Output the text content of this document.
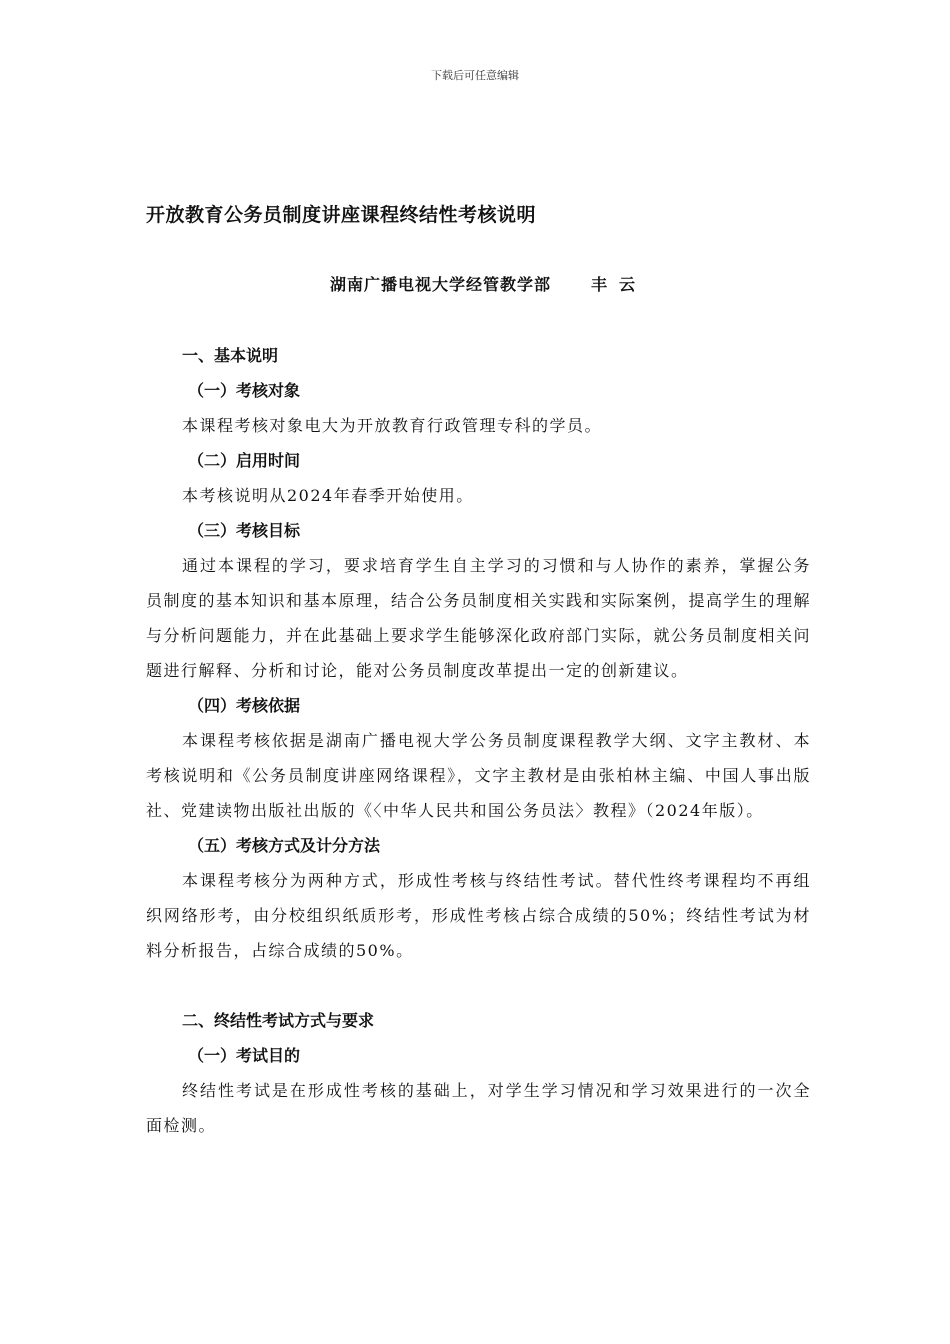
下载后可任意编辑
开放教育公务员制度讲座课程终结性考核说明
湖南广播电视大学经管教学部	丰云

一、基本说明

（一）考核对象

本课程考核对象电大为开放教育行政管理专科的学员。

（二）启用时间

本考核说明从2024年春季开始使用。

（三）考核目标

通过本课程的学习，要求培育学生自主学习的习惯和与人协作的素养，掌握公务员制度的基本知识和基本原理，结合公务员制度相关实践和实际案例，提高学生的理解与分析问题能力，并在此基础上要求学生能够深化政府部门实际，就公务员制度相关问题进行解释、分析和讨论，能对公务员制度改革提出一定的创新建议。

（四）考核依据

本课程考核依据是湖南广播电视大学公务员制度课程教学大纲、文字主教材、本考核说明和《公务员制度讲座网络课程》，文字主教材是由张柏林主编、中国人事出版社、党建读物出版社出版的《〈中华人民共和国公务员法〉教程》（2024年版）。

（五）考核方式及计分方法

本课程考核分为两种方式，形成性考核与终结性考试。替代性终考课程均不再组织网络形考，由分校组织纸质形考，形成性考核占综合成绩的50%；终结性考试为材料分析报告，占综合成绩的50%。

二、终结性考试方式与要求

（一）考试目的

终结性考试是在形成性考核的基础上，对学生学习情况和学习效果进行的一次全面检测。
